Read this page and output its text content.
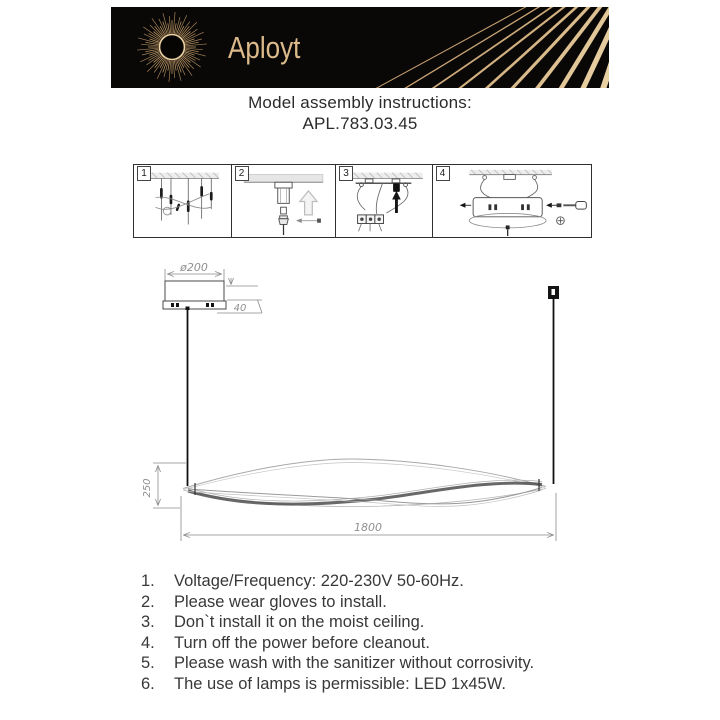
Aployt
Model assembly instructions:
APL.783.03.45
1	2	3	4
ø200
40
250
1800
1.	Voltage/Frequency: 220-230V 50-60Hz.
2.	Please wear gloves to install.
3.	Don`t install it on the moist ceiling.
4.	Turn off the power before cleanout.
5.	Please wash with the sanitizer without corrosivity.
6.	The use of lamps is permissible: LED 1x45W.
